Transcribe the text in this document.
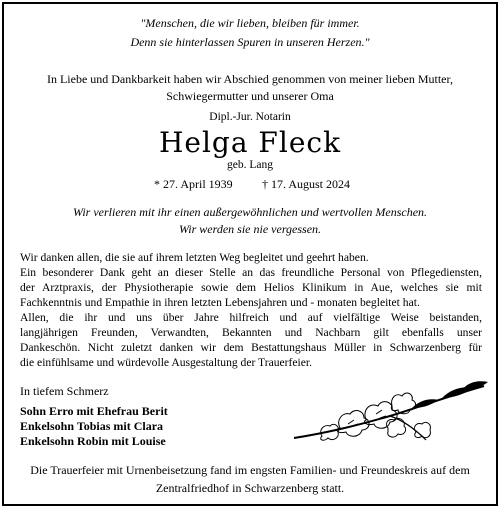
"Menschen, die wir lieben, bleiben für immer.
Denn sie hinterlassen Spuren in unseren Herzen."
In Liebe und Dankbarkeit haben wir Abschied genommen von meiner lieben Mutter,
Schwiegermutter und unserer Oma
Dipl.-Jur. Notarin
Helga Fleck
geb. Lang
* 27. April 1939 † 17. August 2024
Wir verlieren mit ihr einen außergewöhnlichen und wertvollen Menschen.
Wir werden sie nie vergessen.

Wir danken allen, die sie auf ihrem letzten Weg begleitet und geehrt haben.

Ein besonderer Dank geht an dieser Stelle an das freundliche Personal von Pflegediensten,

der Arztpraxis, der Physiotherapie sowie dem Helios Klinikum in Aue, welches sie mit

Fachkenntnis und Empathie in ihren letzten Lebensjahren und - monaten begleitet hat.

Allen, die ihr und uns über Jahre hilfreich und auf vielfältige Weise beistanden,

langjährigen Freunden, Verwandten, Bekannten und Nachbarn gilt ebenfalls unser

Dankeschön. Nicht zuletzt danken wir dem Bestattungshaus Müller in Schwarzenberg für

die einfühlsame und würdevolle Ausgestaltung der Trauerfeier.

In tiefem Schmerz
Sohn Erro mit Ehefrau Berit
Enkelsohn Tobias mit Clara
Enkelsohn Robin mit Louise
Die Trauerfeier mit Urnenbeisetzung fand im engsten Familien- und Freundeskreis auf dem
Zentralfriedhof in Schwarzenberg statt.
